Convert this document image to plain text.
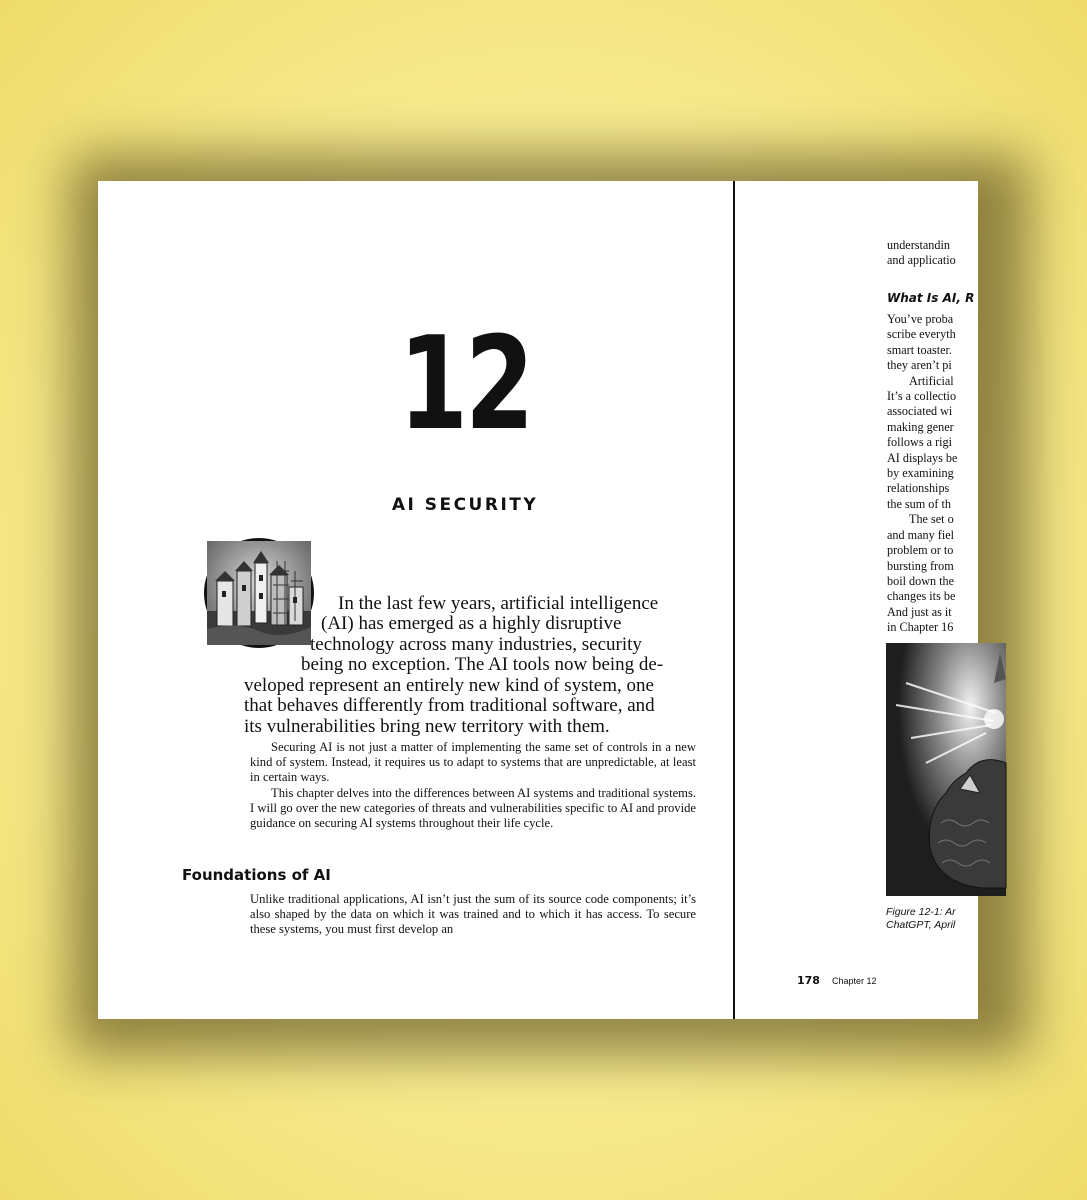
12
AI SECURITY
In the last few years, artificial intelligence
(AI) has emerged as a highly disruptive
technology across many industries, security
being no exception. The AI tools now being de-
veloped represent an entirely new kind of system, one
that behaves differently from traditional software, and
its vulnerabilities bring new territory with them.

Securing AI is not just a matter of implementing the same set of controls in a new kind of system. Instead, it requires us to adapt to systems that are unpredictable, at least in certain ways.

This chapter delves into the differences between AI systems and traditional systems. I will go over the new categories of threats and vulnerabilities specific to AI and provide guidance on securing AI systems throughout their life cycle.

Foundations of AI

Unlike traditional applications, AI isn’t just the sum of its source code components; it’s also shaped by the data on which it was trained and to which it has access. To secure these systems, you must first develop an

understandin
and applicatio
What Is AI, R
You’ve proba
scribe everyth
smart toaster.
they aren’t pi
Artificial
It’s a collectio
associated wi
making gener
follows a rigi
AI displays be
by examining
relationships
the sum of th
The set o
and many fiel
problem or to
bursting from
boil down the
changes its be
And just as it
in Chapter 16
Figure 12-1: Ar
ChatGPT, April
178 Chapter 12
